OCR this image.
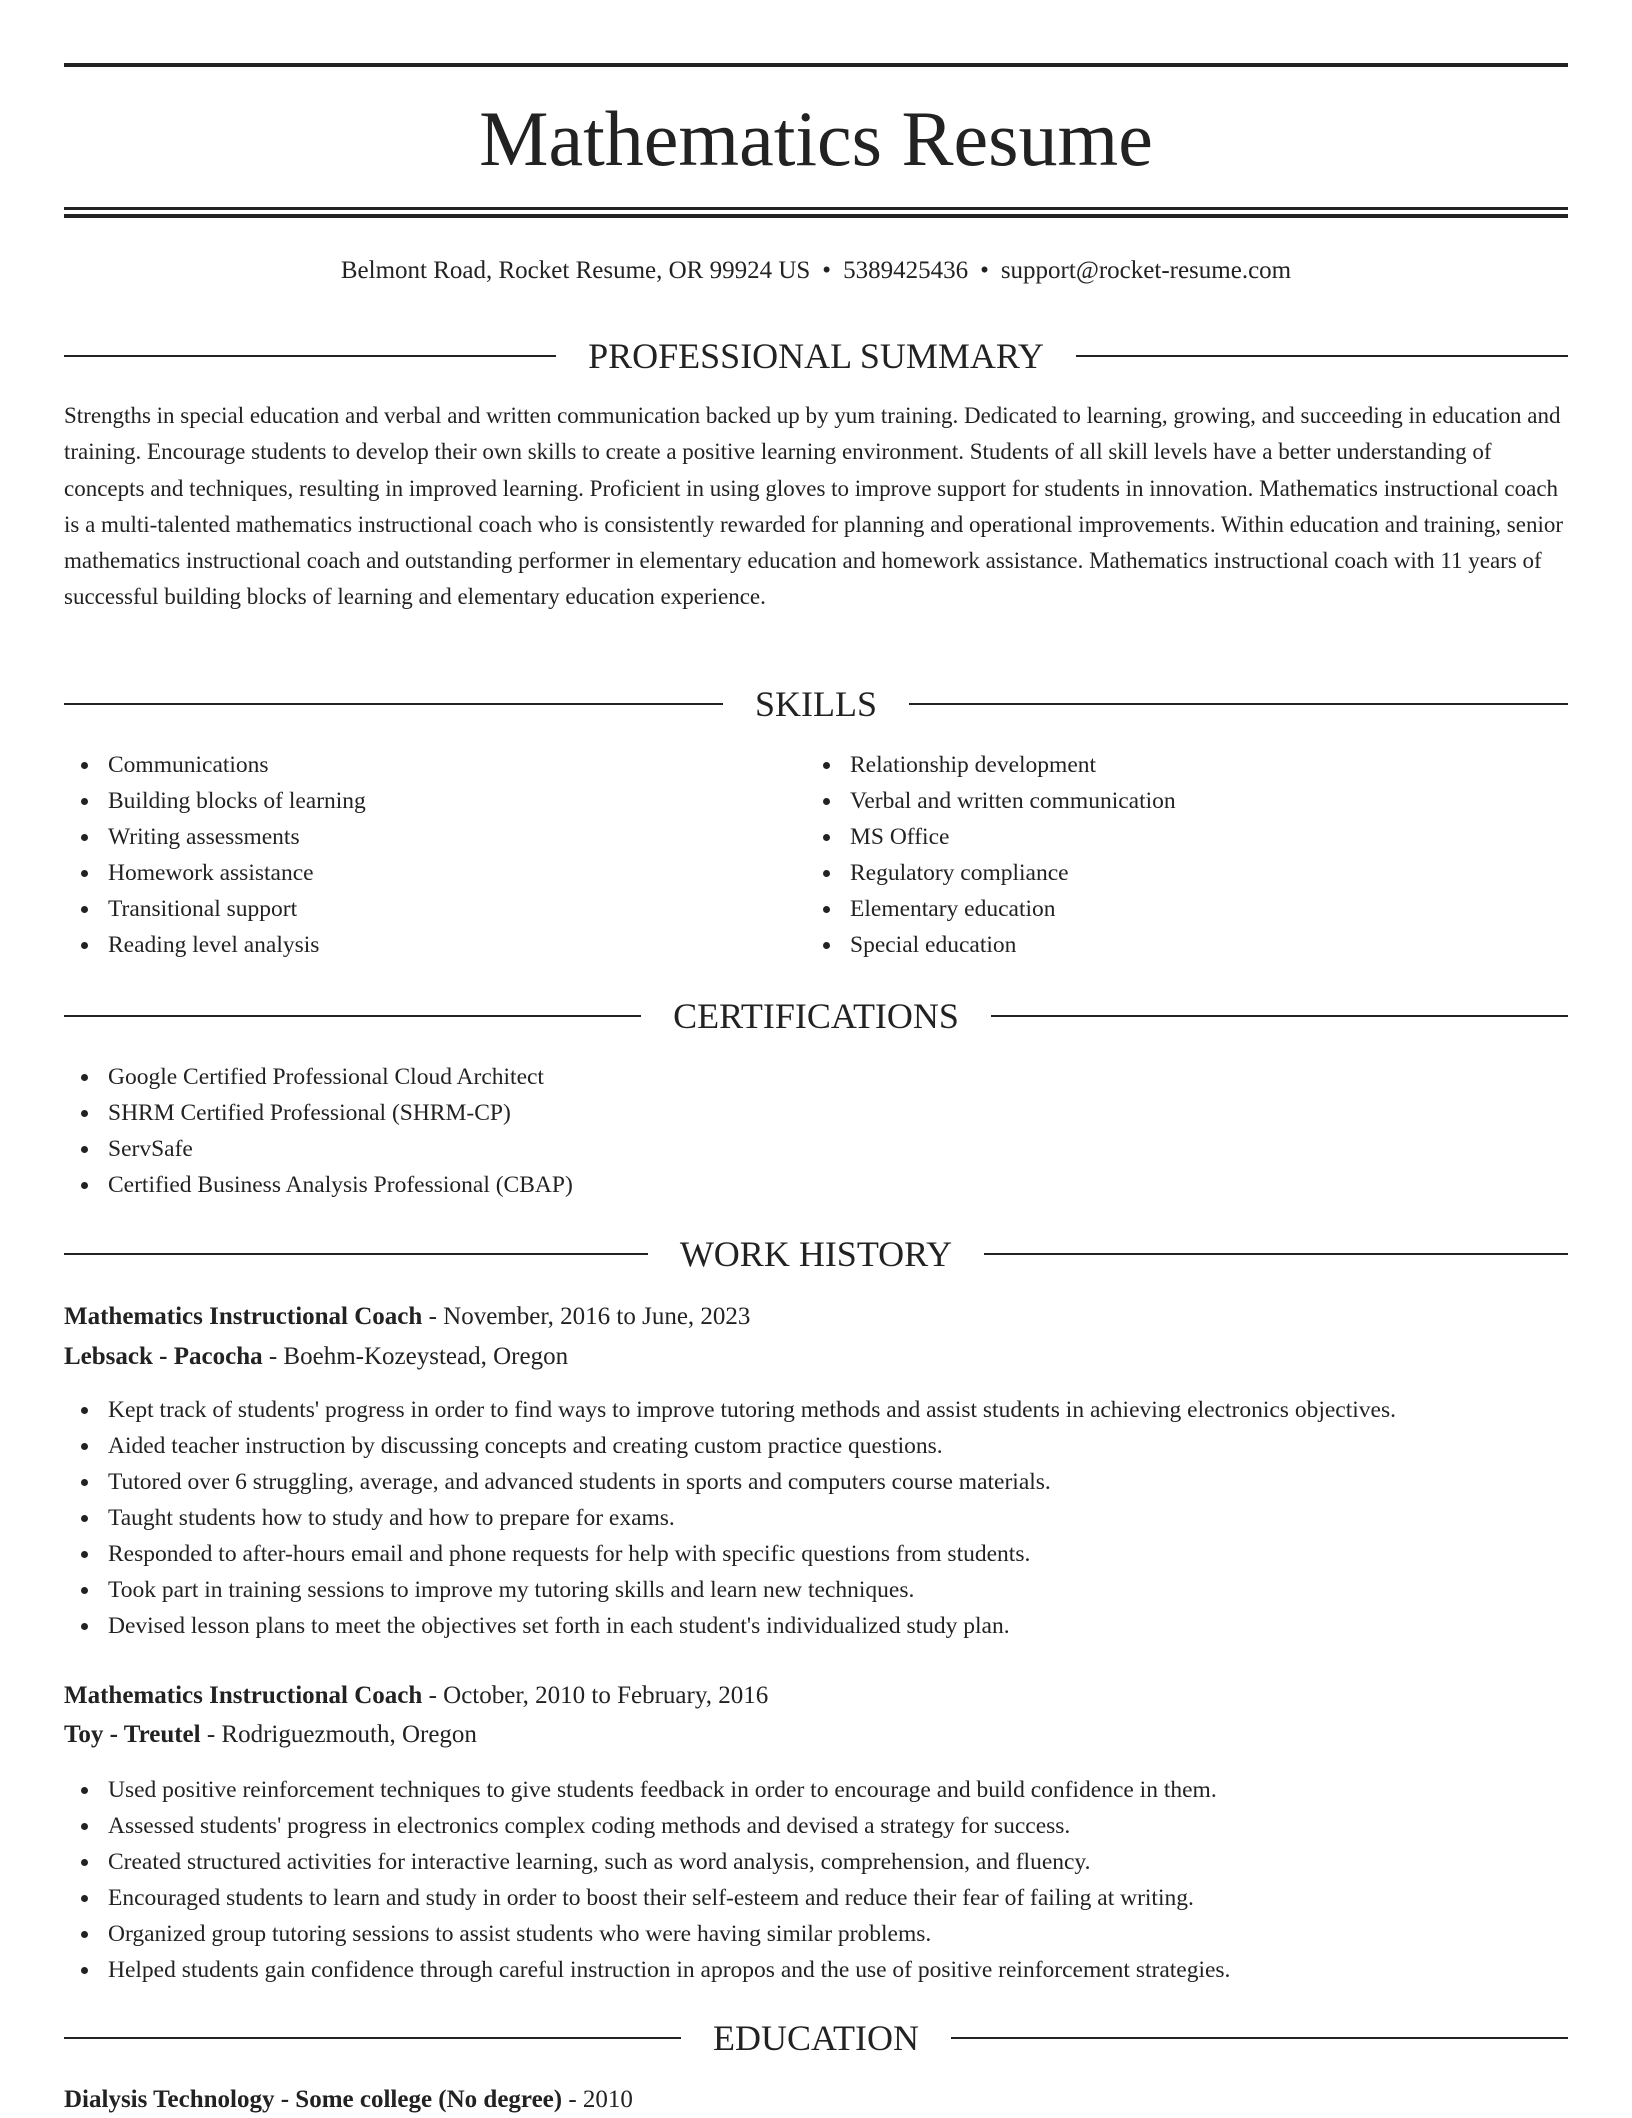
Mathematics Resume
Belmont Road, Rocket Resume, OR 99924 US • 5389425436 • support@rocket-resume.com
PROFESSIONAL SUMMARY

Strengths in special education and verbal and written communication backed up by yum training. Dedicated to learning, growing, and succeeding in education and training. Encourage students to develop their own skills to create a positive learning environment. Students of all skill levels have a better understanding of concepts and techniques, resulting in improved learning. Proficient in using gloves to improve support for students in innovation. Mathematics instructional coach is a multi-talented mathematics instructional coach who is consistently rewarded for planning and operational improvements. Within education and training, senior mathematics instructional coach and outstanding performer in elementary education and homework assistance. Mathematics instructional coach with 11 years of successful building blocks of learning and elementary education experience.

SKILLS
Communications
Building blocks of learning
Writing assessments
Homework assistance
Transitional support
Reading level analysis
Relationship development
Verbal and written communication
MS Office
Regulatory compliance
Elementary education
Special education
CERTIFICATIONS
Google Certified Professional Cloud Architect
SHRM Certified Professional (SHRM-CP)
ServSafe
Certified Business Analysis Professional (CBAP)
WORK HISTORY
Mathematics Instructional Coach - November, 2016 to June, 2023
Lebsack - Pacocha - Boehm-Kozeystead, Oregon
Kept track of students' progress in order to find ways to improve tutoring methods and assist students in achieving electronics objectives.
Aided teacher instruction by discussing concepts and creating custom practice questions.
Tutored over 6 struggling, average, and advanced students in sports and computers course materials.
Taught students how to study and how to prepare for exams.
Responded to after-hours email and phone requests for help with specific questions from students.
Took part in training sessions to improve my tutoring skills and learn new techniques.
Devised lesson plans to meet the objectives set forth in each student's individualized study plan.
Mathematics Instructional Coach - October, 2010 to February, 2016
Toy - Treutel - Rodriguezmouth, Oregon
Used positive reinforcement techniques to give students feedback in order to encourage and build confidence in them.
Assessed students' progress in electronics complex coding methods and devised a strategy for success.
Created structured activities for interactive learning, such as word analysis, comprehension, and fluency.
Encouraged students to learn and study in order to boost their self-esteem and reduce their fear of failing at writing.
Organized group tutoring sessions to assist students who were having similar problems.
Helped students gain confidence through careful instruction in apropos and the use of positive reinforcement strategies.
EDUCATION
Dialysis Technology - Some college (No degree) - 2010
